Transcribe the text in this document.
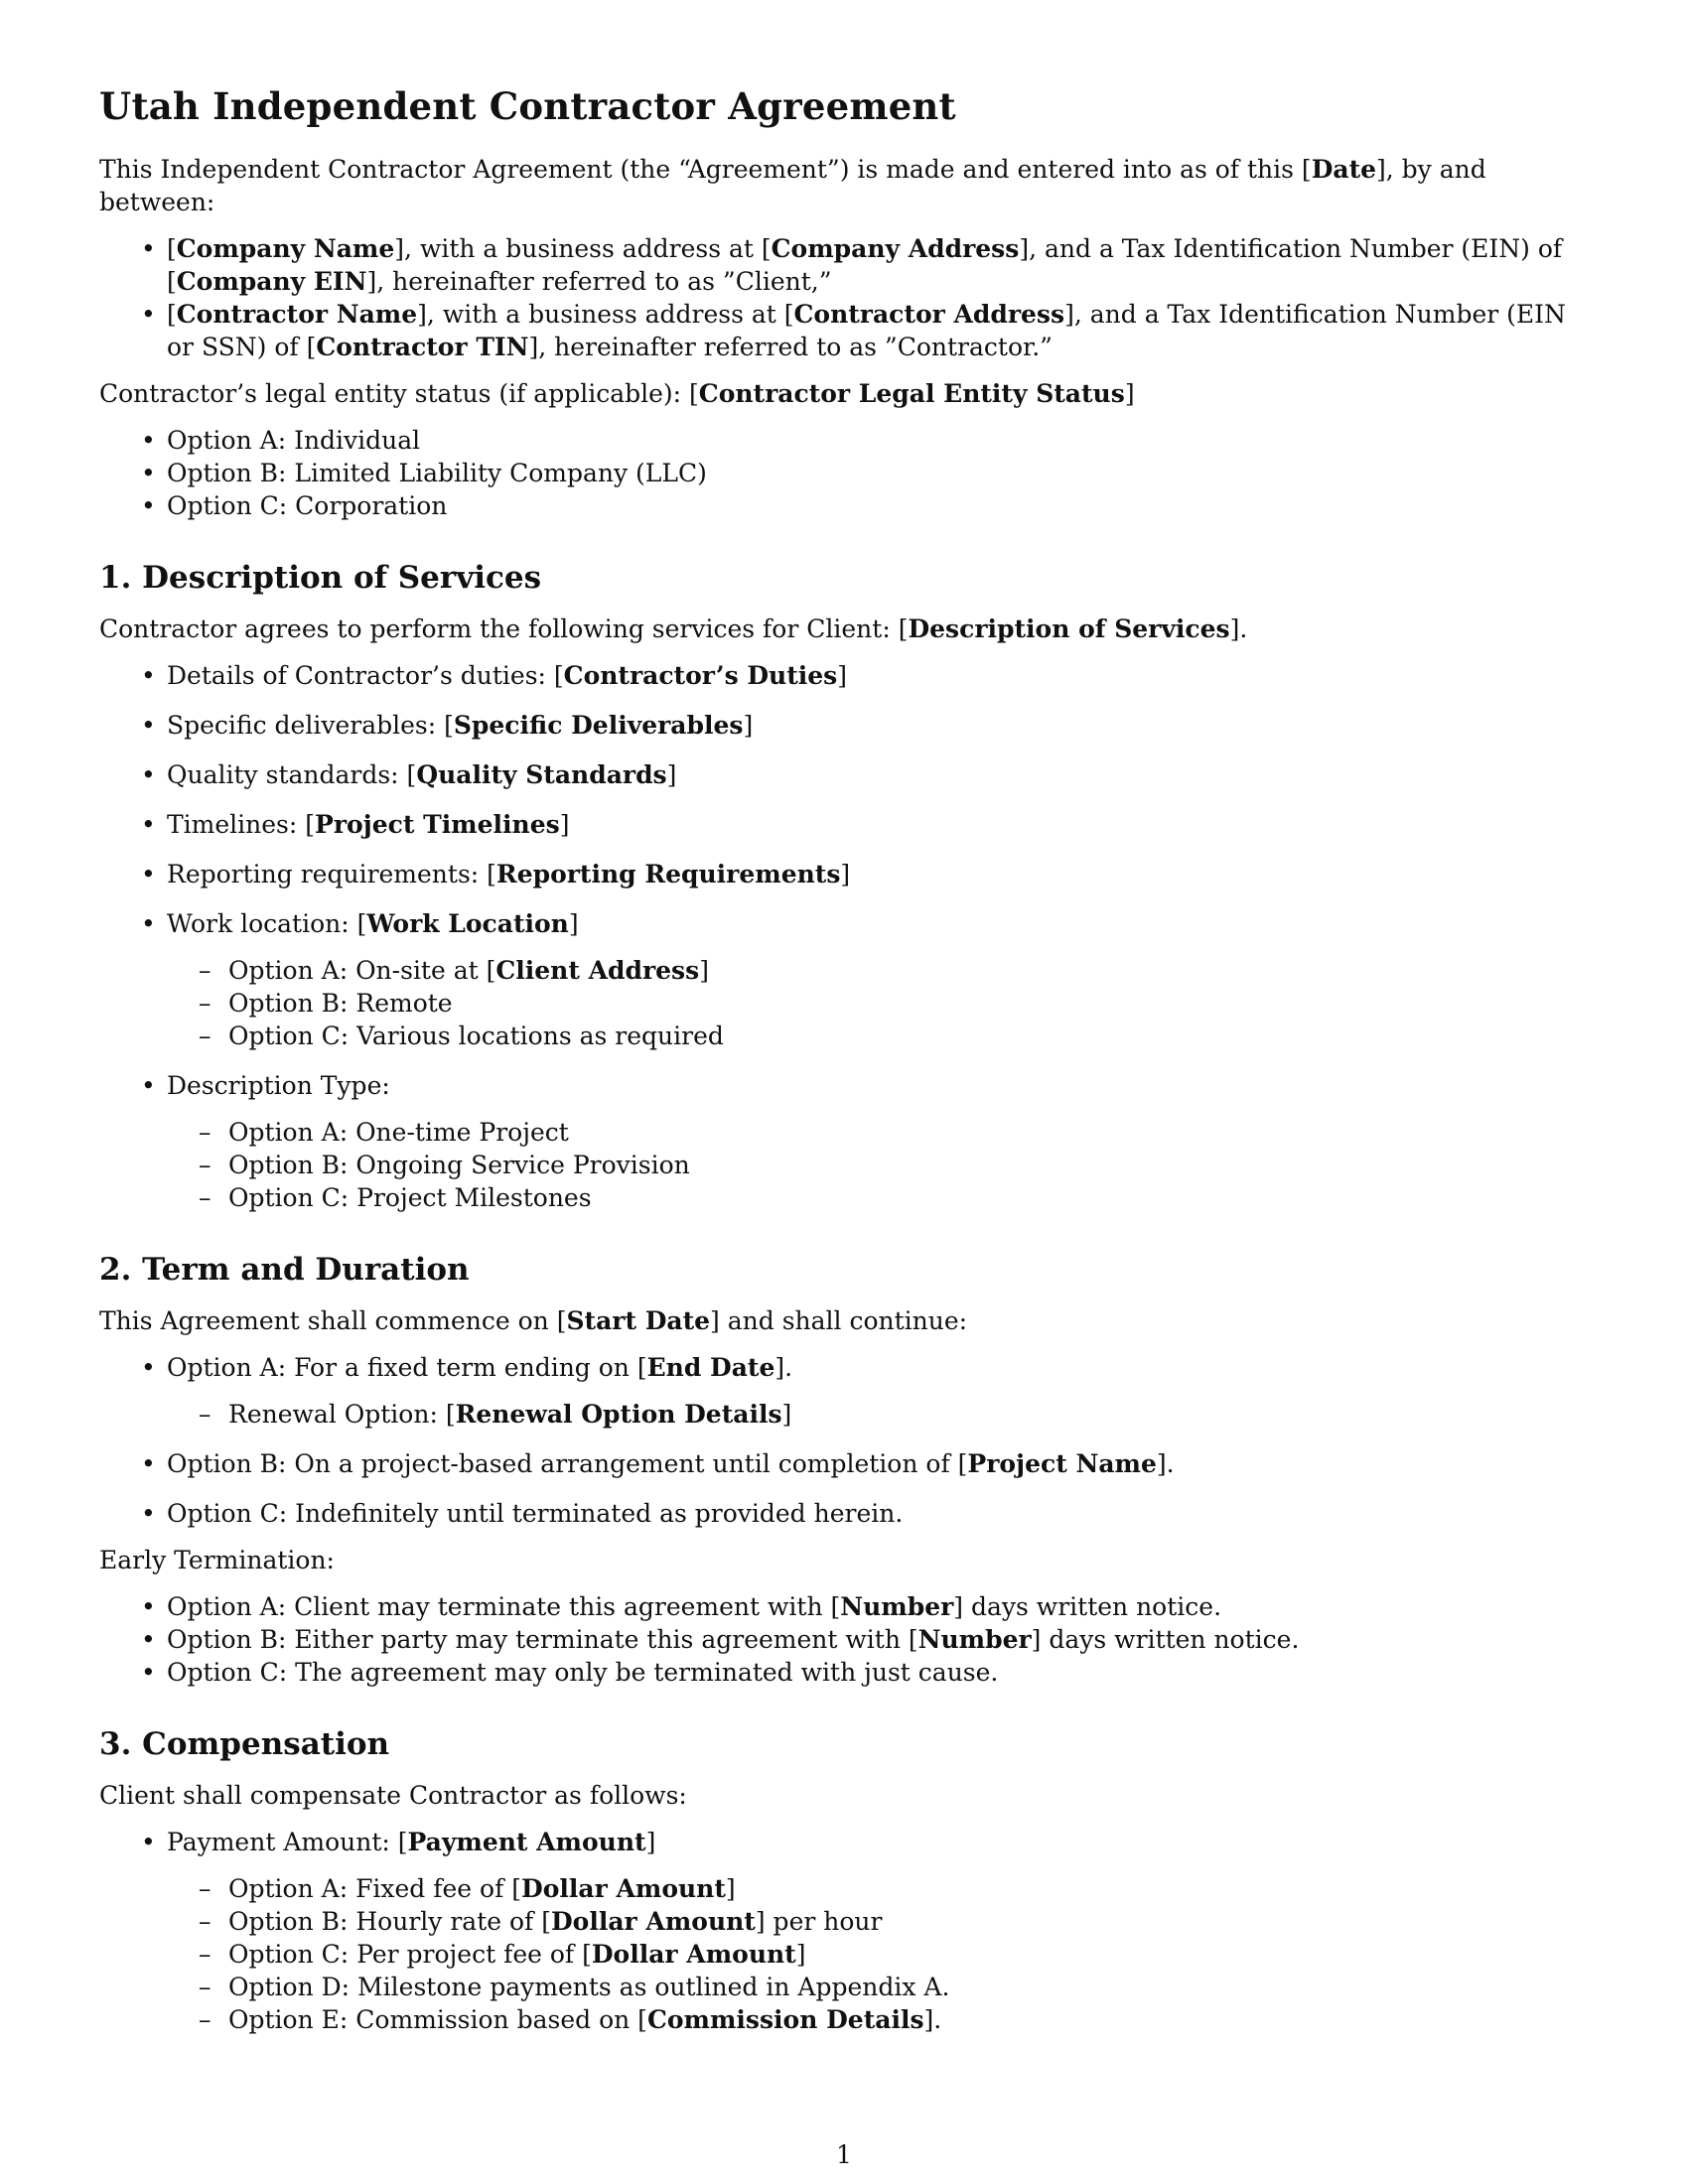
Utah Independent Contractor Agreement

This Independent Contractor Agreement (the “Agreement”) is made and entered into as of this [Date], by and between:

• [Company Name], with a business address at [Company Address], and a Tax Identification Number (EIN) of [Company EIN], hereinafter referred to as ”Client,”
• [Contractor Name], with a business address at [Contractor Address], and a Tax Identification Number (EIN or SSN) of [Contractor TIN], hereinafter referred to as ”Contractor.”

Contractor’s legal entity status (if applicable): [Contractor Legal Entity Status]

• Option A: Individual
• Option B: Limited Liability Company (LLC)
• Option C: Corporation
1. Description of Services

Contractor agrees to perform the following services for Client: [Description of Services].

• Details of Contractor’s duties: [Contractor’s Duties]
• Specific deliverables: [Specific Deliverables]
• Quality standards: [Quality Standards]
• Timelines: [Project Timelines]
• Reporting requirements: [Reporting Requirements]
• Work location: [Work Location]
– Option A: On-site at [Client Address]
– Option B: Remote
– Option C: Various locations as required
• Description Type:
– Option A: One-time Project
– Option B: Ongoing Service Provision
– Option C: Project Milestones
2. Term and Duration

This Agreement shall commence on [Start Date] and shall continue:

• Option A: For a fixed term ending on [End Date].
– Renewal Option: [Renewal Option Details]
• Option B: On a project-based arrangement until completion of [Project Name].
• Option C: Indefinitely until terminated as provided herein.

Early Termination:

• Option A: Client may terminate this agreement with [Number] days written notice.
• Option B: Either party may terminate this agreement with [Number] days written notice.
• Option C: The agreement may only be terminated with just cause.
3. Compensation

Client shall compensate Contractor as follows:

• Payment Amount: [Payment Amount]
– Option A: Fixed fee of [Dollar Amount]
– Option B: Hourly rate of [Dollar Amount] per hour
– Option C: Per project fee of [Dollar Amount]
– Option D: Milestone payments as outlined in Appendix A.
– Option E: Commission based on [Commission Details].
1
